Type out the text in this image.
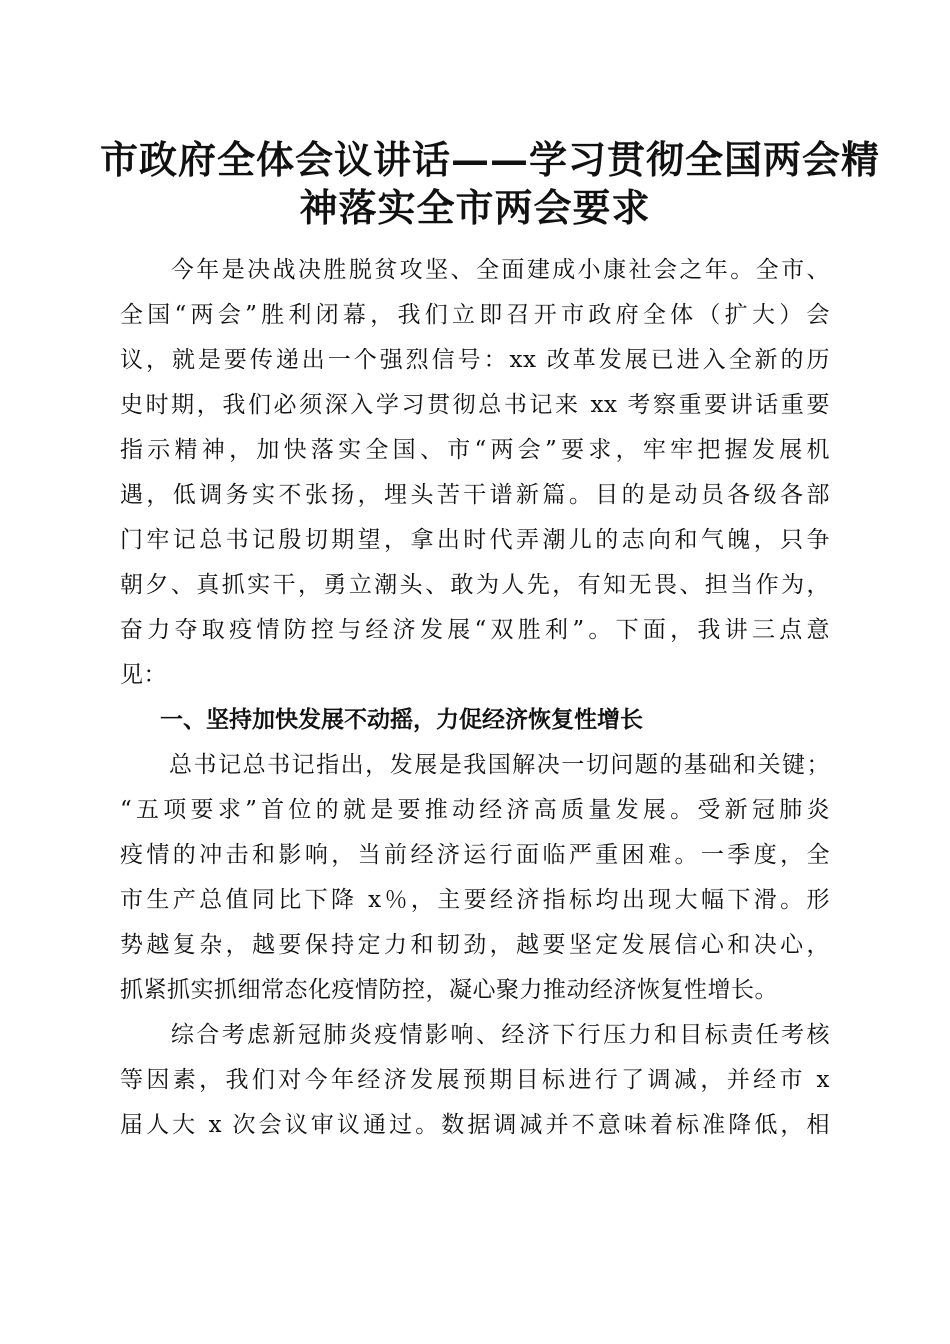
市政府全体会议讲话——学习贯彻全国两会精
神落实全市两会要求
　　今年是决战决胜脱贫攻坚、全面建成小康社会之年。全市、
全国“两会”胜利闭幕，我们立即召开市政府全体（扩大）会
议，就是要传递出一个强烈信号：xx 改革发展已进入全新的历
史时期，我们必须深入学习贯彻总书记来 xx 考察重要讲话重要
指示精神，加快落实全国、市“两会”要求，牢牢把握发展机
遇，低调务实不张扬，埋头苦干谱新篇。目的是动员各级各部
门牢记总书记殷切期望，拿出时代弄潮儿的志向和气魄，只争
朝夕、真抓实干，勇立潮头、敢为人先，有知无畏、担当作为，
奋力夺取疫情防控与经济发展“双胜利”。下面，我讲三点意
见：
一、坚持加快发展不动摇，力促经济恢复性增长
　　总书记总书记指出，发展是我国解决一切问题的基础和关键；
“五项要求”首位的就是要推动经济高质量发展。受新冠肺炎
疫情的冲击和影响，当前经济运行面临严重困难。一季度，全
市生产总值同比下降 x％，主要经济指标均出现大幅下滑。形
势越复杂，越要保持定力和韧劲，越要坚定发展信心和决心，
抓紧抓实抓细常态化疫情防控，凝心聚力推动经济恢复性增长。
　　综合考虑新冠肺炎疫情影响、经济下行压力和目标责任考核
等因素，我们对今年经济发展预期目标进行了调减，并经市 x
届人大 x 次会议审议通过。数据调减并不意味着标准降低，相
